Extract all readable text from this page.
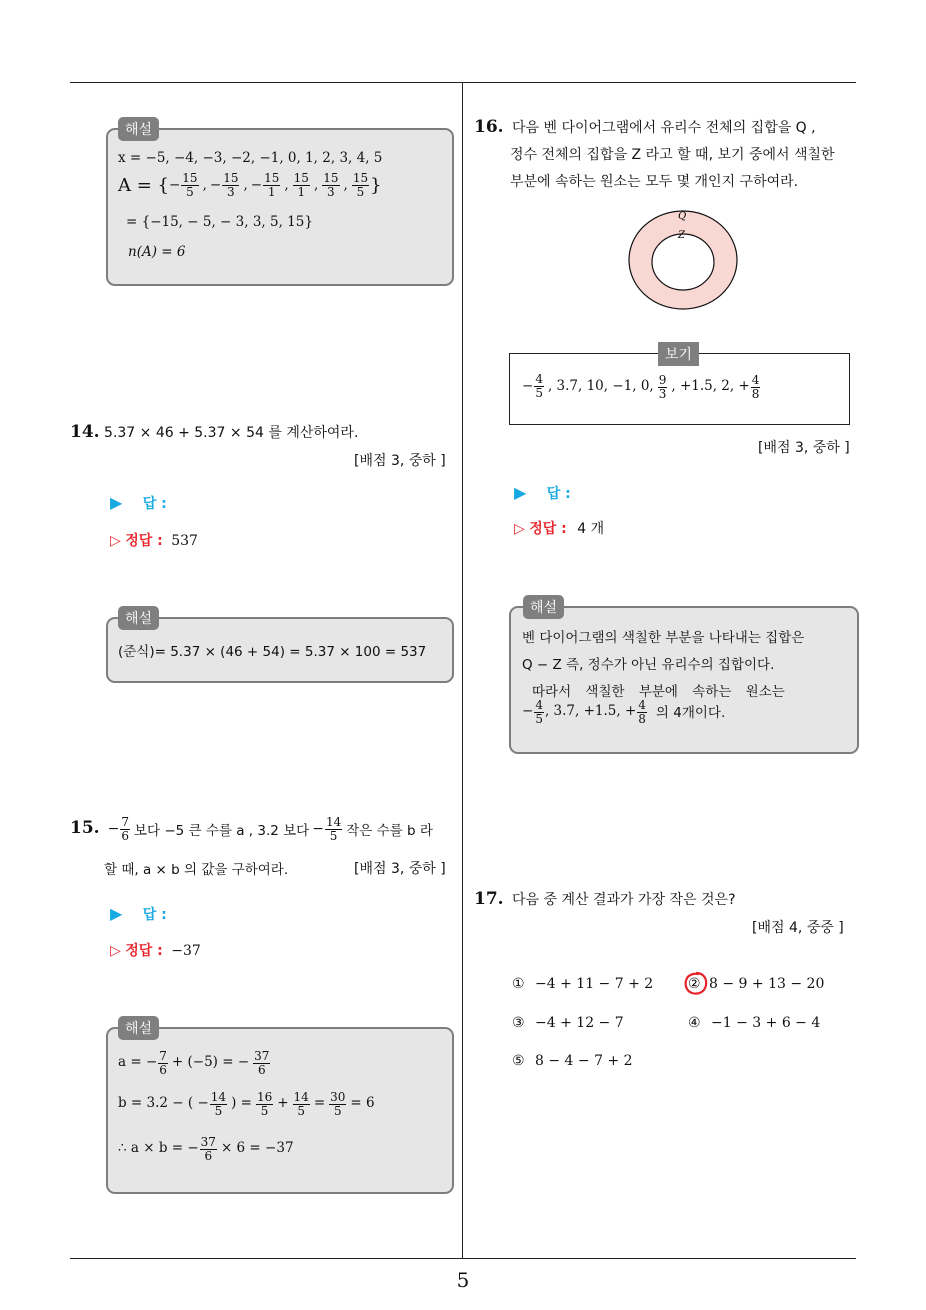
5
해설
x = −5, −4, −3, −2, −1, 0, 1, 2, 3, 4, 5
A = { − $\frac{15}{5}$ , − $\frac{15}{3}$ , − $\frac{15}{1}$ , $\frac{15}{1}$ , $\frac{15}{3}$ , $\frac{15}{5}$ }
= {−15, − 5, − 3, 3, 5, 15}
n(A) = 6
14. 5.37 × 46 + 5.37 × 54 를 계산하여라.
[배점 3, 중하 ]
▶ 답 :
▷ 정답 : 537
해설
(준식)= 5.37 × (46 + 54) = 5.37 × 100 = 537
15. − $\frac{7}{6}$ 보다 −5 큰 수를 a , 3.2 보다 − $\frac{14}{5}$ 작은 수를 b 라
할 때, a × b 의 값을 구하여라.	[배점 3, 중하 ]
▶ 답 :
▷ 정답 : −37
해설
a = − $\frac{7}{6} + (-5)$ = − $\frac{37}{6}$
b = 3.2 − ( − $\frac{14}{5}$ ) = $\frac{16}{5} + \frac{14}{5} = \frac{30}{5} = 6$
∴ a × b = − $\frac{37}{6} \times 6 = -37$
16. 다음 벤 다이어그램에서 유리수 전체의 집합을 Q ,
정수 전체의 집합을 Z 라고 할 때, 보기 중에서 색칠한
부분에 속하는 원소는 모두 몇 개인지 구하여라.
Q
Z
보기
− $\frac{4}{5}$ , 3.7, 10, −1, 0, $\frac{9}{3}$ , +1.5, 2, + $\frac{4}{8}$
[배점 3, 중하 ]
▶ 답 :
▷ 정답 : 4 개
해설
벤 다이어그램의 색칠한 부분을 나타내는 집합은
Q − Z 즉, 정수가 아닌 유리수의 집합이다.
따라서 색칠한 부분에 속하는 원소는
− $\frac{4}{5}$ , 3.7, +1.5, + $\frac{4}{8}$ 의 4개이다.
17. 다음 중 계산 결과가 가장 작은 것은?
[배점 4, 중중 ]
① −4 + 11 − 7 + 2 ② 8 − 9 + 13 − 20
③ −4 + 12 − 7	④ −1 − 3 + 6 − 4
⑤ 8 − 4 − 7 + 2
